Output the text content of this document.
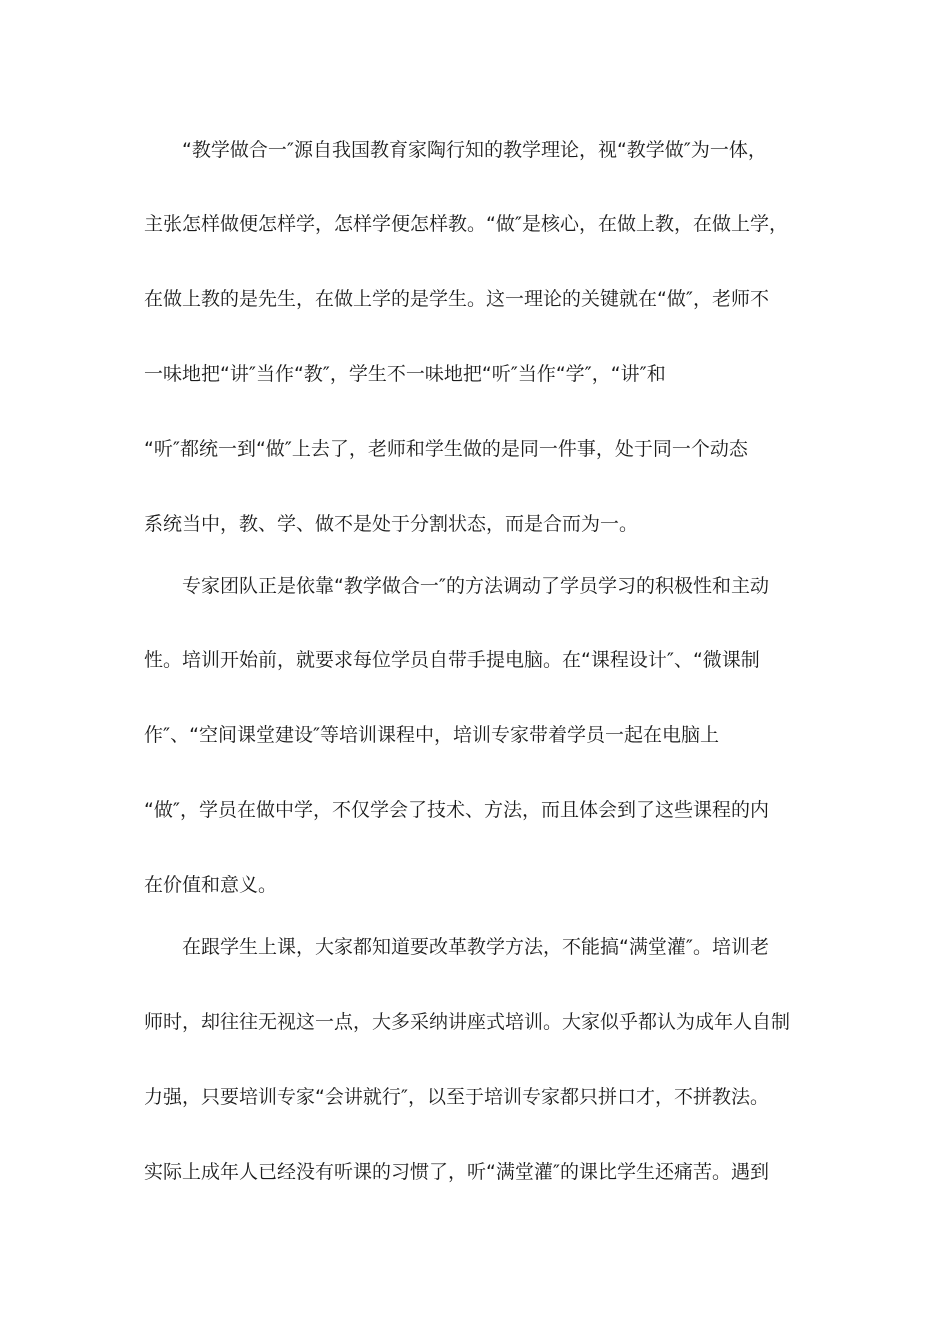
“教学做合一″源自我国教育家陶行知的教学理论，视“教学做″为一体，
主张怎样做便怎样学，怎样学便怎样教。“做″是核心，在做上教，在做上学，
在做上教的是先生，在做上学的是学生。这一理论的关键就在“做″，老师不
一味地把“讲″当作“教″，学生不一味地把“听″当作“学″，“讲″和
“听″都统一到“做″上去了，老师和学生做的是同一件事，处于同一个动态
系统当中，教、学、做不是处于分割状态，而是合而为一。
专家团队正是依靠“教学做合一″的方法调动了学员学习的积极性和主动
性。培训开始前，就要求每位学员自带手提电脑。在“课程设计″、“微课制
作″、“空间课堂建设″等培训课程中，培训专家带着学员一起在电脑上
“做″，学员在做中学，不仅学会了技术、方法，而且体会到了这些课程的内
在价值和意义。
在跟学生上课，大家都知道要改革教学方法，不能搞“满堂灌″。培训老
师时，却往往无视这一点，大多采纳讲座式培训。大家似乎都认为成年人自制
力强，只要培训专家“会讲就行″，以至于培训专家都只拼口才，不拼教法。
实际上成年人已经没有听课的习惯了，听“满堂灌″的课比学生还痛苦。遇到
